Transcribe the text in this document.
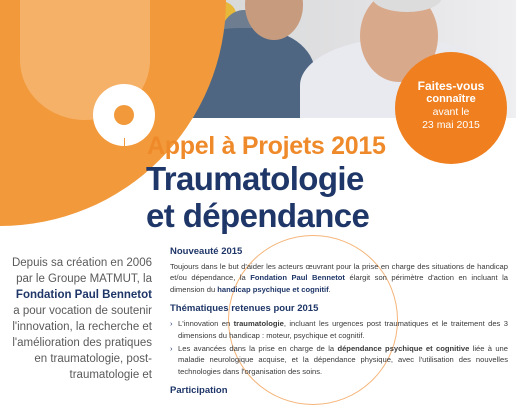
Faites-vous
connaître
avant le
23 mai 2015
Appel à Projets 2015
Traumatologie
et dépendance
Depuis sa création en 2006 par le Groupe MATMUT, la Fondation Paul Bennetot a pour vocation de soutenir l'innovation, la recherche et l'amélioration des pratiques en traumatologie, post-traumatologie et
Nouveauté 2015
Toujours dans le but d'aider les acteurs œuvrant pour la prise en charge des situations de handicap et/ou dépendance, la Fondation Paul Bennetot élargit son périmètre d'action en incluant la dimension du handicap psychique et cognitif.
Thématiques retenues pour 2015
› L'innovation en traumatologie, incluant les urgences post traumatiques et le traitement des 3 dimensions du handicap : moteur, psychique et cognitif.
› Les avancées dans la prise en charge de la dépendance psychique et cognitive liée à une maladie neurologique acquise, et la dépendance physique, avec l'utilisation des nouvelles technologies dans l'organisation des soins.
Participation
